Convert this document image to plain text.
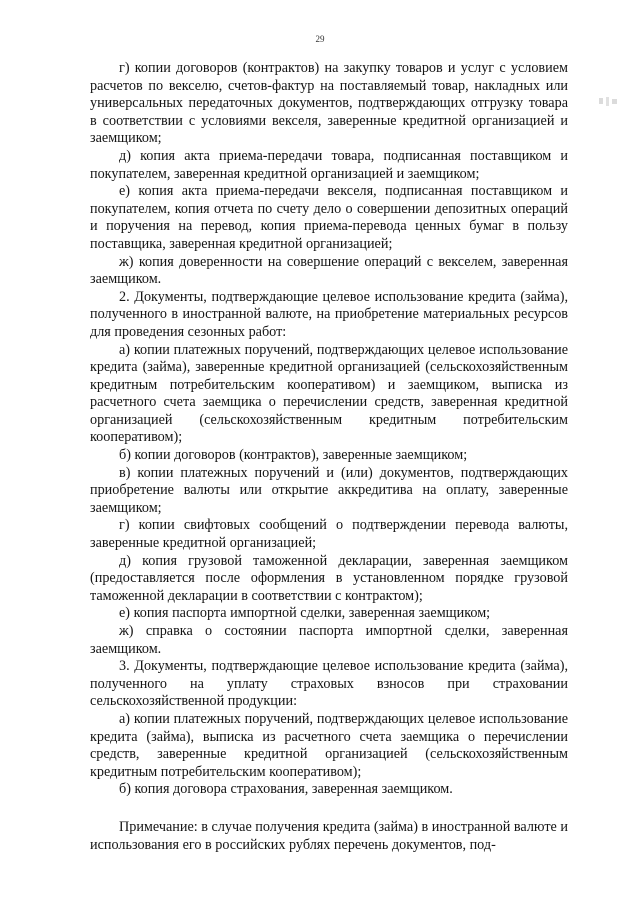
29

г) копии договоров (контрактов) на закупку товаров и услуг с условием расчетов по векселю, счетов-фактур на поставляемый товар, накладных или универсальных передаточных документов, подтверждающих отгрузку товара в соответствии с условиями векселя, заверенные кредитной организацией и заемщиком;

д) копия акта приема-передачи товара, подписанная поставщиком и покупателем, заверенная кредитной организацией и заемщиком;

е) копия акта приема-передачи векселя, подписанная поставщиком и покупателем, копия отчета по счету дело о совершении депозитных операций и поручения на перевод, копия приема-перевода ценных бумаг в пользу поставщика, заверенная кредитной организацией;

ж) копия доверенности на совершение операций с векселем, заверенная заемщиком.

2. Документы, подтверждающие целевое использование кредита (займа), полученного в иностранной валюте, на приобретение материальных ресурсов для проведения сезонных работ:

а) копии платежных поручений, подтверждающих целевое использование кредита (займа), заверенные кредитной организацией (сельскохозяйственным кредитным потребительским кооперативом) и заемщиком, выписка из расчетного счета заемщика о перечислении средств, заверенная кредитной организацией (сельскохозяйственным кредитным потребительским кооперативом);

б) копии договоров (контрактов), заверенные заемщиком;

в) копии платежных поручений и (или) документов, подтверждающих приобретение валюты или открытие аккредитива на оплату, заверенные заемщиком;

г) копии свифтовых сообщений о подтверждении перевода валюты, заверенные кредитной организацией;

д) копия грузовой таможенной декларации, заверенная заемщиком (предоставляется после оформления в установленном порядке грузовой таможенной декларации в соответствии с контрактом);

е) копия паспорта импортной сделки, заверенная заемщиком;

ж) справка о состоянии паспорта импортной сделки, заверенная заемщиком.

3. Документы, подтверждающие целевое использование кредита (займа), полученного на уплату страховых взносов при страховании сельскохозяйственной продукции:

а) копии платежных поручений, подтверждающих целевое использование кредита (займа), выписка из расчетного счета заемщика о перечислении средств, заверенные кредитной организацией (сельскохозяйственным кредитным потребительским кооперативом);

б) копия договора страхования, заверенная заемщиком.

Примечание: в случае получения кредита (займа) в иностранной валюте и использования его в российских рублях перечень документов, под-
